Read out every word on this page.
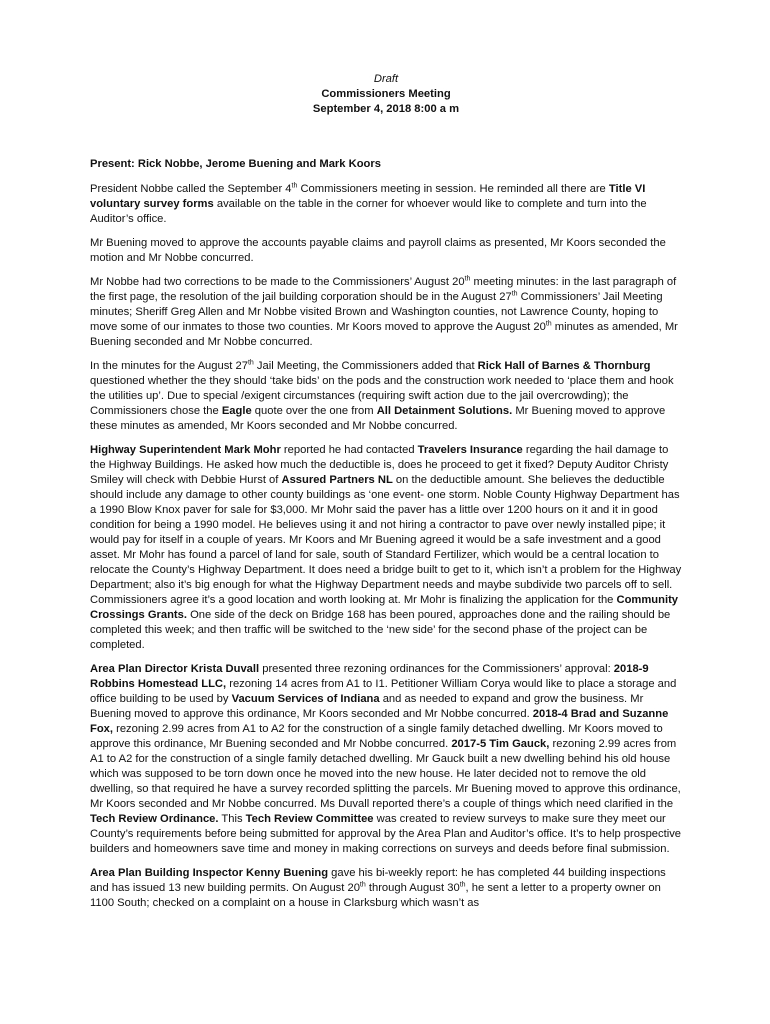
Draft
Commissioners Meeting
September 4, 2018 8:00 a m

Present: Rick Nobbe, Jerome Buening and Mark Koors

President Nobbe called the September 4th Commissioners meeting in session. He reminded all there are Title VI voluntary survey forms available on the table in the corner for whoever would like to complete and turn into the Auditor’s office.

Mr Buening moved to approve the accounts payable claims and payroll claims as presented, Mr Koors seconded the motion and Mr Nobbe concurred.

Mr Nobbe had two corrections to be made to the Commissioners’ August 20th meeting minutes: in the last paragraph of the first page, the resolution of the jail building corporation should be in the August 27th Commissioners’ Jail Meeting minutes; Sheriff Greg Allen and Mr Nobbe visited Brown and Washington counties, not Lawrence County, hoping to move some of our inmates to those two counties. Mr Koors moved to approve the August 20th minutes as amended, Mr Buening seconded and Mr Nobbe concurred.

In the minutes for the August 27th Jail Meeting, the Commissioners added that Rick Hall of Barnes & Thornburg questioned whether the they should ‘take bids’ on the pods and the construction work needed to ‘place them and hook the utilities up’. Due to special /exigent circumstances (requiring swift action due to the jail overcrowding); the Commissioners chose the Eagle quote over the one from All Detainment Solutions. Mr Buening moved to approve these minutes as amended, Mr Koors seconded and Mr Nobbe concurred.

Highway Superintendent Mark Mohr reported he had contacted Travelers Insurance regarding the hail damage to the Highway Buildings. He asked how much the deductible is, does he proceed to get it fixed? Deputy Auditor Christy Smiley will check with Debbie Hurst of Assured Partners NL on the deductible amount. She believes the deductible should include any damage to other county buildings as ‘one event- one storm. Noble County Highway Department has a 1990 Blow Knox paver for sale for $3,000. Mr Mohr said the paver has a little over 1200 hours on it and it in good condition for being a 1990 model. He believes using it and not hiring a contractor to pave over newly installed pipe; it would pay for itself in a couple of years. Mr Koors and Mr Buening agreed it would be a safe investment and a good asset. Mr Mohr has found a parcel of land for sale, south of Standard Fertilizer, which would be a central location to relocate the County’s Highway Department. It does need a bridge built to get to it, which isn’t a problem for the Highway Department; also it’s big enough for what the Highway Department needs and maybe subdivide two parcels off to sell. Commissioners agree it’s a good location and worth looking at. Mr Mohr is finalizing the application for the Community Crossings Grants. One side of the deck on Bridge 168 has been poured, approaches done and the railing should be completed this week; and then traffic will be switched to the ‘new side’ for the second phase of the project can be completed.

Area Plan Director Krista Duvall presented three rezoning ordinances for the Commissioners’ approval: 2018-9 Robbins Homestead LLC, rezoning 14 acres from A1 to I1. Petitioner William Corya would like to place a storage and office building to be used by Vacuum Services of Indiana and as needed to expand and grow the business. Mr Buening moved to approve this ordinance, Mr Koors seconded and Mr Nobbe concurred. 2018-4 Brad and Suzanne Fox, rezoning 2.99 acres from A1 to A2 for the construction of a single family detached dwelling. Mr Koors moved to approve this ordinance, Mr Buening seconded and Mr Nobbe concurred. 2017-5 Tim Gauck, rezoning 2.99 acres from A1 to A2 for the construction of a single family detached dwelling. Mr Gauck built a new dwelling behind his old house which was supposed to be torn down once he moved into the new house. He later decided not to remove the old dwelling, so that required he have a survey recorded splitting the parcels. Mr Buening moved to approve this ordinance, Mr Koors seconded and Mr Nobbe concurred. Ms Duvall reported there’s a couple of things which need clarified in the Tech Review Ordinance. This Tech Review Committee was created to review surveys to make sure they meet our County’s requirements before being submitted for approval by the Area Plan and Auditor’s office. It’s to help prospective builders and homeowners save time and money in making corrections on surveys and deeds before final submission.

Area Plan Building Inspector Kenny Buening gave his bi-weekly report: he has completed 44 building inspections and has issued 13 new building permits. On August 20th through August 30th, he sent a letter to a property owner on 1100 South; checked on a complaint on a house in Clarksburg which wasn’t as
